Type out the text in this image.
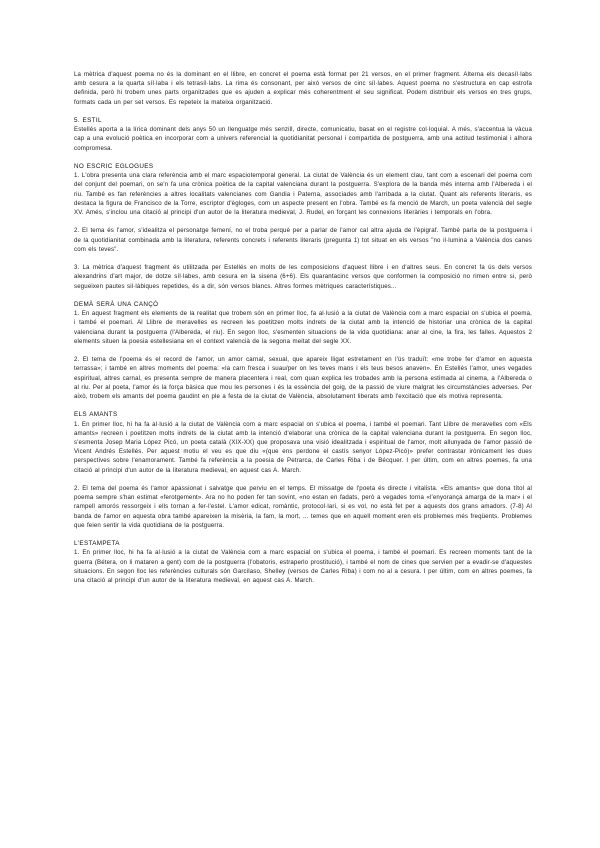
La mètrica d'aquest poema no és la dominant en el llibre, en concret el poema està format per 21 versos, en el primer fragment. Alterna els decasíl·labs amb cesura a la quarta síl·laba i els tetrasíl·labs. La rima és consonant, per això versos de cinc síl·labes. Aquest poema no s'estructura en cap estrofa definida, però hi trobem unes parts organitzades que es ajuden a explicar més coherentment el seu significat. Podem distribuir els versos en tres grups, formats cada un per set versos. Es repeteix la mateixa organització.

5. ESTIL

Estellés aporta a la lírica dominant dels anys 50 un llenguatge més senzill, directe, comunicatiu, basat en el registre col·loquial. A més, s'accentua la vàcua cap a una evolució poètica en incorporar com a univers referencial la quotidianitat personal i compartida de postguerra, amb una actitud testimonial i alhora compromesa.

NO ESCRIC EGLOGUES

1. L'obra presenta una clara referència amb el marc espaciotemporal general. La ciutat de València és un element clau, tant com a escenari del poema com del conjunt del poemari, on se'n fa una crònica poètica de la capital valenciana durant la postguerra. S'explora de la banda més interna amb l'Albereda i el riu. També es fan referències a altres localitats valencianes com Gandia i Paterna, associades amb l'arribada a la ciutat. Quant als referents literaris, es destaca la figura de Francisco de la Torre, escriptor d'ègloges, com un aspecte present en l'obra. També es fa menció de March, un poeta valencià del segle XV. Amés, s'inclou una citació al principi d'un autor de la literatura medieval, J. Rudel, en forçant les connexions literàries i temporals en l'obra.

2. El tema és l'amor, s'idealitza el personatge femení, no el troba perquè per a parlar de l'amor cal altra ajuda de l'èpigraf. També parla de la postguerra i de la quotidianitat combinada amb la literatura, referents concrets i referents literaris (pregunta 1) tot situat en els versos "no il·lumina a València dos canes com els teves".

3. La mètrica d'aquest fragment és utilitzada per Estellés en molts de les composicions d'aquest llibre i en d'altres seus. En concret fa ús dels versos alexandrins d'art major, de dotze síl·labes, amb cesura en la sisena (6+6). Els quarantacinc versos que conformen la composició no rimen entre si, però segueixen pautes sil·làbiques repetides, és a dir, són versos blancs. Altres formes mètriques característiques...

DEMÀ SERÀ UNA CANÇÓ

1. En aquest fragment els elements de la realitat que trobem són en primer lloc, fa al·lusió a la ciutat de València com a marc espacial on s'ubica el poema, i també el poemari. Al Llibre de meravelles es recreen les poetitzen molts indrets de la ciutat amb la intenció de historiar una crònica de la capital valenciana durant la postguerra (l'Albereda, el riu). En segon lloc, s'esmenten situacions de la vida quotidiana: anar al cine, la fira, les falles. Aquestos 2 elements situen la poesia estellesiana en el context valencià de la segona meitat del segle XX.

2. El tema de l'poema és el record de l'amor, un amor carnal, sexual, que apareix lligat estretament en l'ús traduït: «me trobe fer d'amor en aquesta terrassa»; i també en altres moments del poema: «la carn fresca i suau/per on les teves mans i els teus besos anaven». En Estellés l'amor, unes vegades espiritual, altres carnal, es presenta sempre de manera placentera i real, com quan explica les trobades amb la persona estimada al cinema, a l'Albereda o al riu. Per al poeta, l'amor és la força bàsica que mou les persones i és la essència del goig, de la passió de viure malgrat les circumstàncies adverses. Per això, trobem els amants del poema gaudint en ple a festa de la ciutat de València, absolutament liberats amb l'excitació que els motiva representa.

ELS AMANTS

1. En primer lloc, hi ha fa al·lusió a la ciutat de València com a marc espacial on s'ubica el poema, i també el poemari. Tant Llibre de meravelles com «Els amants» recreen i poetitzen molts indrets de la ciutat amb la intenció d'elaborar una crònica de la capital valenciana durant la postguerra. En segon lloc, s'esmenta Josep Maria López Picó, un poeta català (XIX-XX) que proposava una visió idealitzada i espiritual de l'amor, molt allunyada de l'amor passió de Vicent Andrés Estellés. Per aquest motiu el veu es que diu «(que ens perdone el castís senyor López-Picó)» prefer contrastar irònicament les dues perspectives sobre l'enamorament. També fa referència a la poesia de Petrarca, de Carles Riba i de Bécquer. I per últim, com en altres poemes, fa una citació al principi d'un autor de la literatura medieval, en aquest cas A. March.

2. El tema del poema és l'amor apassionat i salvatge que perviu en el temps. El missatge de l'poeta és directe i vitalista. «Els amants» que dona títol al poema sempre s'han estimat «ferotgement». Ara no ho poden fer tan sovint, «no estan en fadats, però a vegades torna «l'enyorança amarga de la mar» i el rampell amorós ressorgeix i ells tornan a fer-l'estel. L'amor edicat, romàntic, protocol·lari, si es vol, no està fet per a aquests dos grans amadors. (7-8) Al banda de l'amor en aquesta obra també apareixen la misèria, la fam, la mort, ... temes que en aquell moment eren els problemes més freqüents. Problemes que feien sentir la vida quotidiana de la postguerra.

L'ESTAMPETA

1. En primer lloc, hi ha fa al·lusió a la ciutat de València com a marc espacial on s'ubica el poema, i també el poemari. Es recreen moments tant de la guerra (Bétera, on li mataren a gent) com de la postguerra (l'obatoris, estraperlo prostitució), i també el nom de cines que servien per a evadir-se d'aquestes situacions. En segon lloc les referències culturals són Garcilaso, Shelley (versos de Carles Riba) i com no al a cesura. I per últim, com en altres poemes, fa una citació al principi d'un autor de la literatura medieval, en aquest cas A. March.
